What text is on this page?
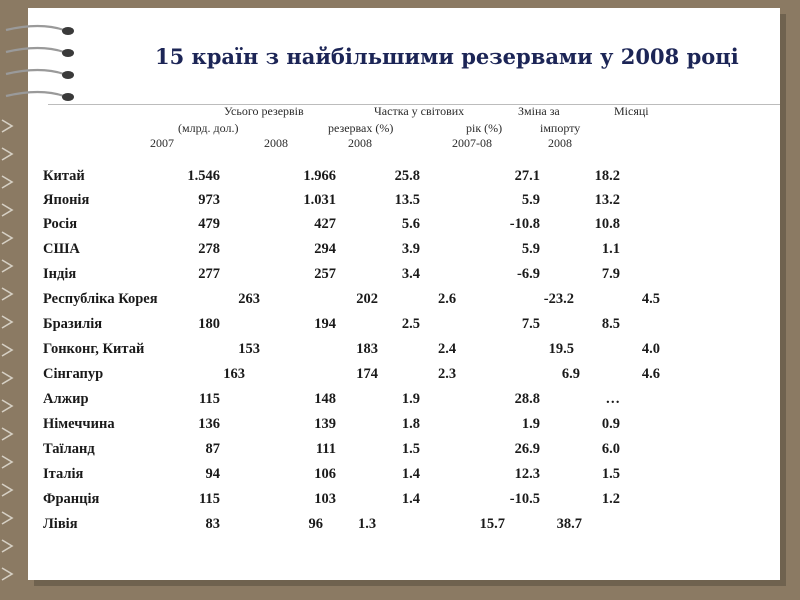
15 країн з найбільшими резервами у 2008 році
Усього резервів	Частка у світових	Зміна за	Місяці
(млрд. дол.)	резервах (%)	рік (%)	імпорту
2007	2008	2008	2007-08	2008
Китай	1.546	1.966	25.8	27.1	18.2
Японія	973	1.031	13.5	5.9	13.2
Росія	479	427	5.6	-10.8	10.8
США	278	294	3.9	5.9	1.1
Індія	277	257	3.4	-6.9	7.9
Республіка Корея	263	202	2.6	-23.2	4.5
Бразилія	180	194	2.5	7.5	8.5
Гонконг, Китай	153	183	2.4	19.5	4.0
Сінгапур	163	174	2.3	6.9	4.6
Алжир	115	148	1.9	28.8	…
Німеччина	136	139	1.8	1.9	0.9
Таїланд	87	111	1.5	26.9	6.0
Італія	94	106	1.4	12.3	1.5
Франція	115	103	1.4	-10.5	1.2
Лівія	83	96 1.3	15.7	38.7
